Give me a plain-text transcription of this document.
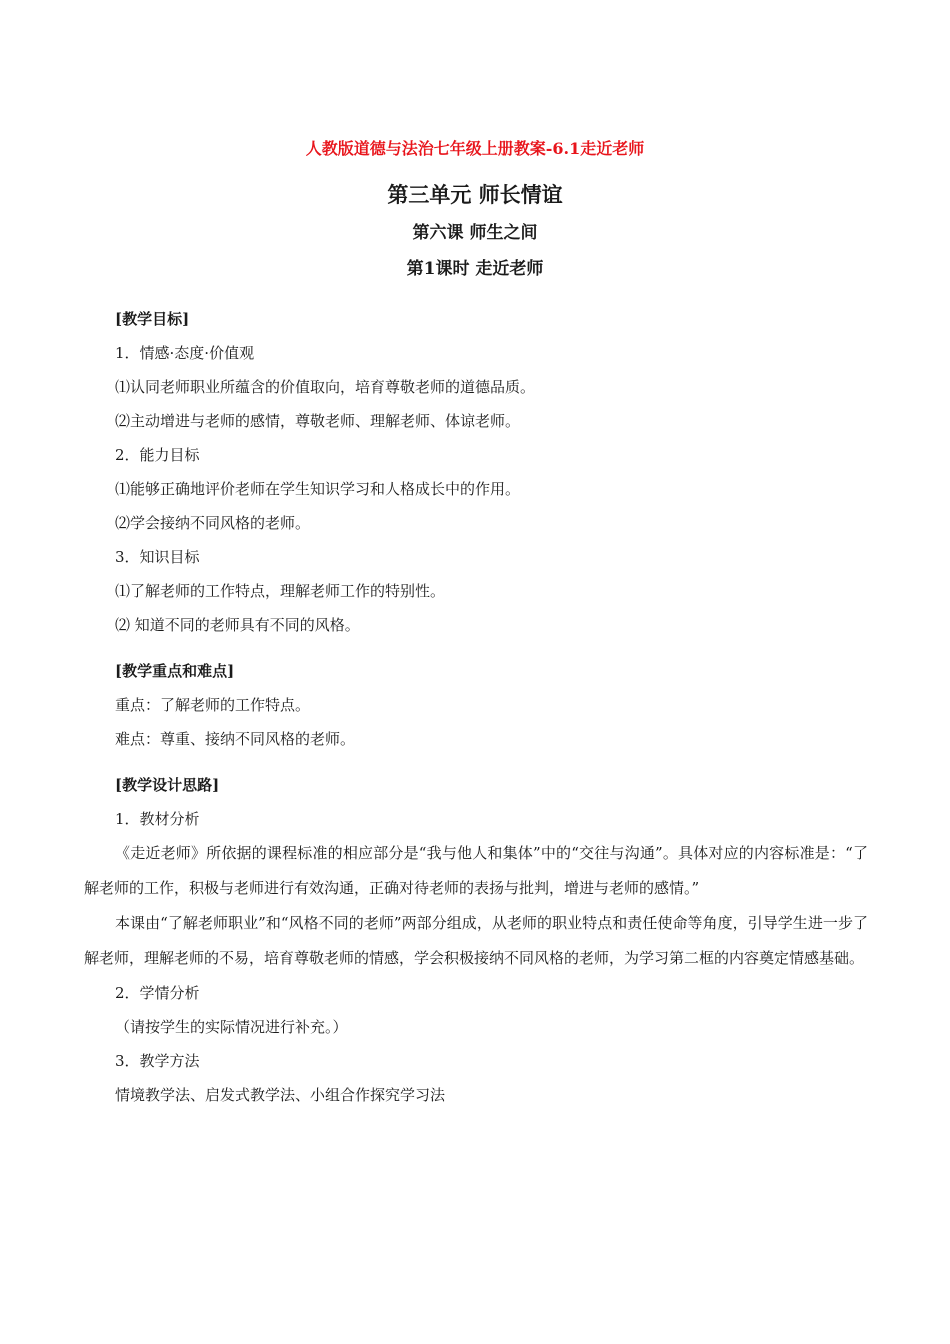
人教版道德与法治七年级上册教案-6.1走近老师
第三单元 师长情谊
第六课 师生之间
第1课时 走近老师

[教学目标]

1．情感·态度·价值观

⑴认同老师职业所蕴含的价值取向，培育尊敬老师的道德品质。

⑵主动增进与老师的感情，尊敬老师、理解老师、体谅老师。

2．能力目标

⑴能够正确地评价老师在学生知识学习和人格成长中的作用。

⑵学会接纳不同风格的老师。

3．知识目标

⑴了解老师的工作特点，理解老师工作的特别性。

⑵ 知道不同的老师具有不同的风格。

[教学重点和难点]

重点：了解老师的工作特点。

难点：尊重、接纳不同风格的老师。

[教学设计思路]

1．教材分析

《走近老师》所依据的课程标准的相应部分是“我与他人和集体”中的“交往与沟通”。具体对应的内容标准是：“了解老师的工作，积极与老师进行有效沟通，正确对待老师的表扬与批判，增进与老师的感情。”

本课由“了解老师职业”和“风格不同的老师”两部分组成，从老师的职业特点和责任使命等角度，引导学生进一步了解老师，理解老师的不易，培育尊敬老师的情感，学会积极接纳不同风格的老师，为学习第二框的内容奠定情感基础。

2．学情分析

（请按学生的实际情况进行补充。）

3．教学方法

情境教学法、启发式教学法、小组合作探究学习法
